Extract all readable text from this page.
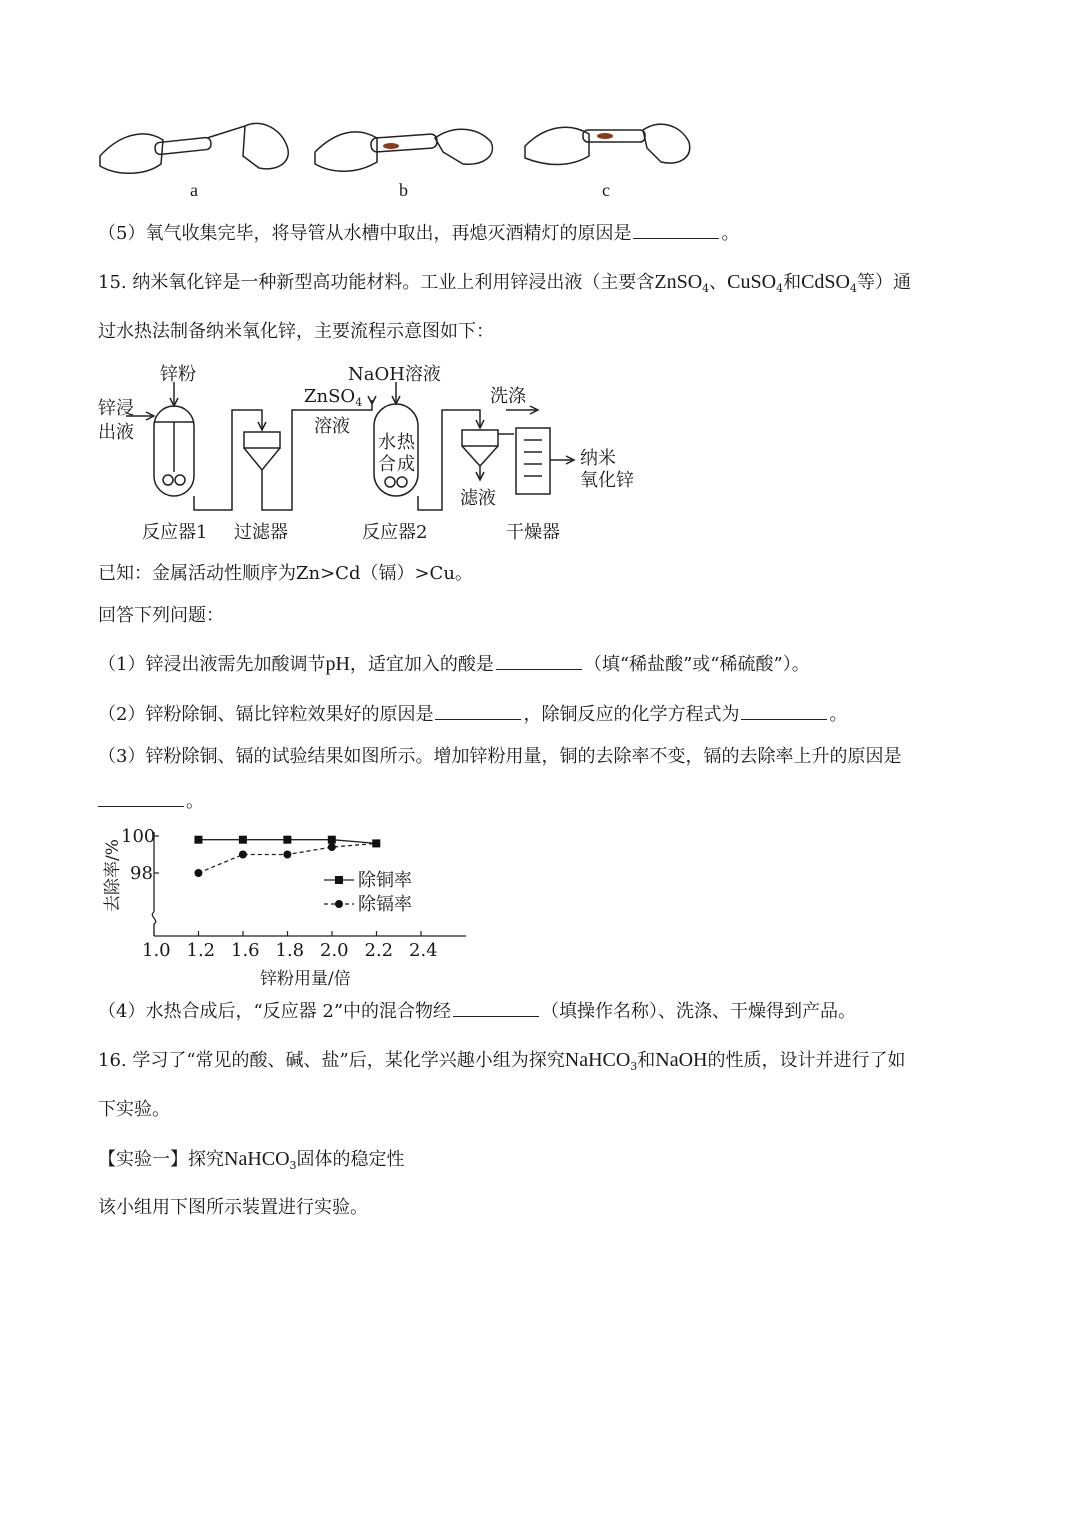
a	b	c
（5）氧气收集完毕，将导管从水槽中取出，再熄灭酒精灯的原因是	。
15. 纳米氧化锌是一种新型高功能材料。工业上利用锌浸出液（主要含ZnSO$_4$、CuSO$_4$和CdSO$_4$等）通
过水热法制备纳米氧化锌，主要流程示意图如下：
锌粉
锌浸
出液
ZnSO$_4$
溶液
NaOH溶液
洗涤
水 热
合 成
滤液
纳米
氧化锌
反应器1 过滤器	反应器2	干燥器
已知：金属活动性顺序为Zn>Cd（镉）>Cu。
回答下列问题：
（1）锌浸出液需先加酸调节pH，适宜加入的酸是	（填“稀盐酸”或“稀硫酸”）。
（2）锌粉除铜、镉比锌粒效果好的原因是	，除铜反应的化学方程式为	。
（3）锌粉除铜、镉的试验结果如图所示。增加锌粉用量，铜的去除率不变，镉的去除率上升的原因是
。
1.0 1.2 1.6 1.8 2.0 2.2 2.4
100
98	除铜率
除镉率
去除率/%
锌粉用量/倍
（4）水热合成后，“反应器 2”中的混合物经	（填操作名称）、洗涤、干燥得到产品。
16. 学习了“常见的酸、碱、盐”后，某化学兴趣小组为探究NaHCO$_3$和NaOH的性质，设计并进行了如
下实验。
【实验一】探究NaHCO$_3$固体的稳定性
该小组用下图所示装置进行实验。
